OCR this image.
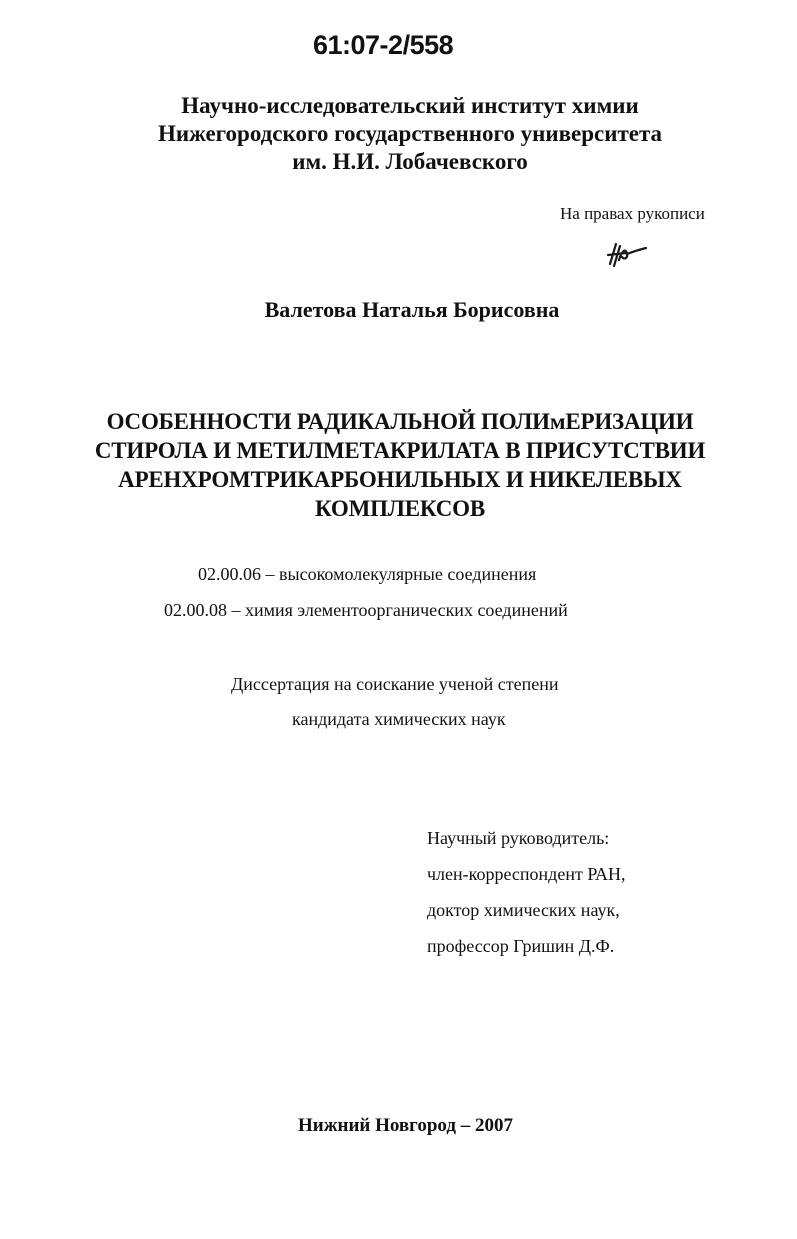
61:07-2/558
Научно-исследовательский институт химии
Нижегородского государственного университета
им. Н.И. Лобачевского
На правах рукописи
Валетова Наталья Борисовна
ОСОБЕННОСТИ РАДИКАЛЬНОЙ ПОЛИмЕРИЗАЦИИ
СТИРОЛА И МЕТИЛМЕТАКРИЛАТА В ПРИСУТСТВИИ
АРЕНХРОМТРИКАРБОНИЛЬНЫХ И НИКЕЛЕВЫХ
КОМПЛЕКСОВ
02.00.06 – высокомолекулярные соединения
02.00.08 – химия элементоорганических соединений
Диссертация на соискание ученой степени
кандидата химических наук
Научный руководитель:
член-корреспондент РАН,
доктор химических наук,
профессор Гришин Д.Ф.
Нижний Новгород – 2007
